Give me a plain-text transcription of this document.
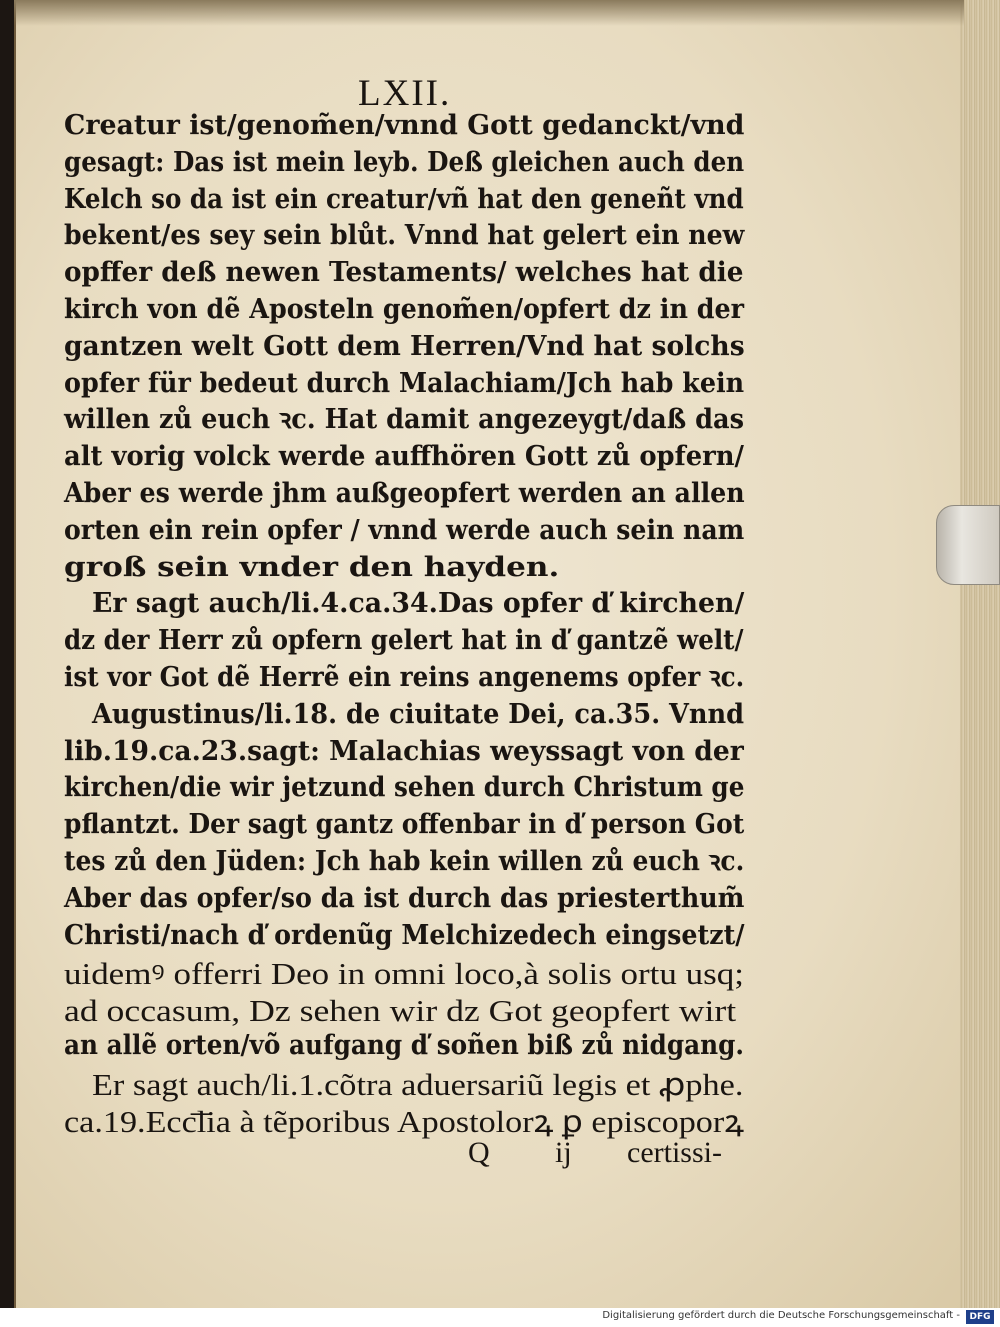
LXII.
Creatur ist/genom̃en/vnnd Gott gedanckt/vnd
gesagt: Das ist mein leyb. Deß gleichen auch den
Kelch so da ist ein creatur/vñ hat den geneñt vnd
bekent/es sey sein blůt. Vnnd hat gelert ein new
opffer deß newen Testaments/ welches hat die
kirch von dẽ Aposteln genom̃en/opfert dz in der
gantzen welt Gott dem Herren/Vnd hat solchs
opfer für bedeut durch Malachiam/Jch hab kein
willen zů euch ꝛc. Hat damit angezeygt/daß das
alt vorig volck werde auffhören Gott zů opfern/
Aber es werde jhm außgeopfert werden an allen
orten ein rein opfer / vnnd werde auch sein nam
groß sein vnder den hayden.
Er sagt auch/li.4.ca.34.Das opfer ď kirchen/
dz der Herr zů opfern gelert hat in ď gantzẽ welt/
ist vor Got dẽ Herrẽ ein reins angenems opfer ꝛc.
Augustinus/li.18. de ciuitate Dei, ca.35. Vnnd
lib.19.ca.23.sagt: Malachias weyssagt von der
kirchen/die wir jetzund sehen durch Christum ge
pflantzt. Der sagt gantz offenbar in ď person Got
tes zů den Jüden: Jch hab kein willen zů euch ꝛc.
Aber das opfer/so da ist durch das priesterthum̃
Christi/nach ď ordenũg Melchizedech eingsetzt/
uidemꝰ offerri Deo in omni loco,à solis ortu usq;
ad occasum, Dz sehen wir dz Got geopfert wirt
an allẽ orten/võ aufgang ď soñen biß zů nidgang.
Er sagt auch/li.1.cõtra aduersariũ legis et ꝓphe.
ca.19.Ecc͞lia à tẽporibus Apostolorꝝ ꝑ episcoporꝝ
Q ij certissi-
Digitalisierung gefördert durch die Deutsche Forschungsgemeinschaft -	DFG
